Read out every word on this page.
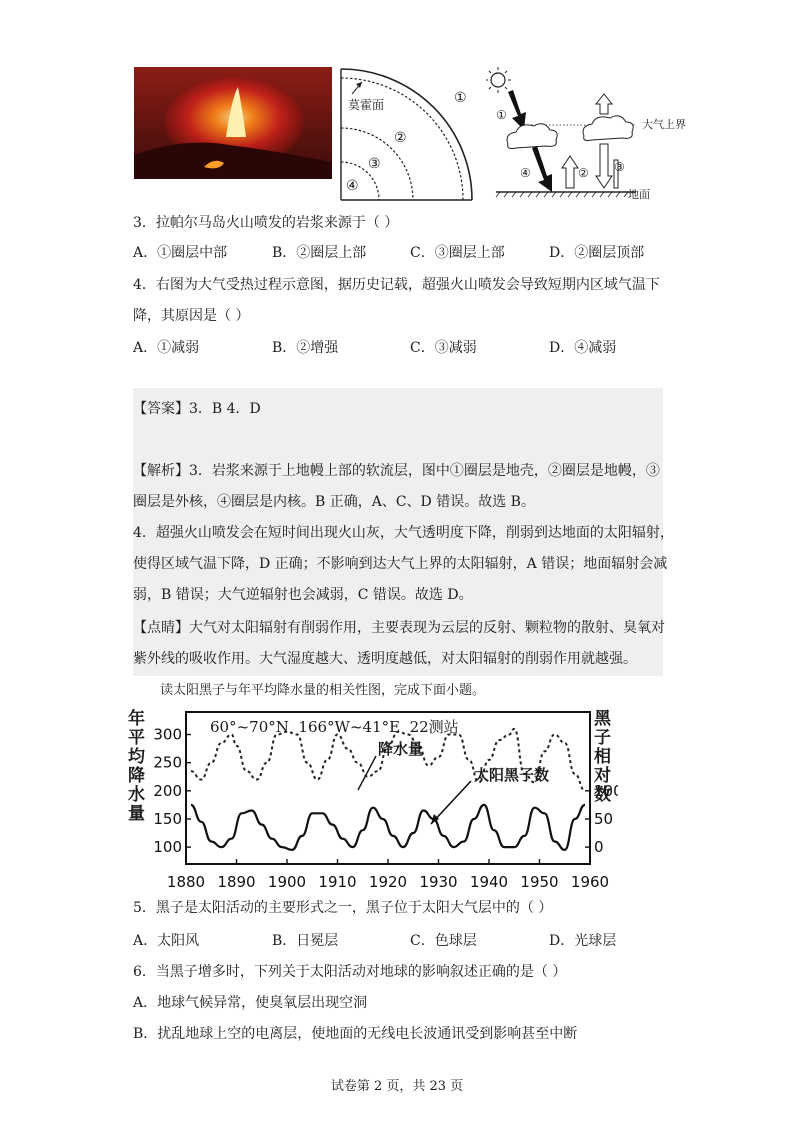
莫霍面	①
②
③
④
①
④	② ③
大气上界
地面
3．拉帕尔马岛火山喷发的岩浆来源于（ ）
A．①圈层中部	B．②圈层上部	C．③圈层上部	D．②圈层顶部
4．右图为大气受热过程示意图，据历史记载，超强火山喷发会导致短期内区域气温下
降，其原因是（ ）
A．①减弱	B．②增强	C．③减弱	D．④减弱
【答案】3．B 4．D
【解析】3．岩浆来源于上地幔上部的软流层，图中①圈层是地壳，②圈层是地幔，③
圈层是外核，④圈层是内核。B 正确，A、C、D 错误。故选 B。
4．超强火山喷发会在短时间出现火山灰，大气透明度下降，削弱到达地面的太阳辐射，
使得区域气温下降，D 正确；不影响到达大气上界的太阳辐射，A 错误；地面辐射会减
弱，B 错误；大气逆辐射也会减弱，C 错误。故选 D。
【点睛】大气对太阳辐射有削弱作用，主要表现为云层的反射、颗粒物的散射、臭氧对
紫外线的吸收作用。大气湿度越大、透明度越低，对太阳辐射的削弱作用就越强。
读太阳黑子与年平均降水量的相关性图，完成下面小题。
1880 1890 1900 1910 1920 1930 1940 1950 1960
100
150
200
250
300
0
50
100
年平均降水量
黑子相对数
60°~70°N  166°W~41°E  22测站
降水量
太阳黑子数
5．黑子是太阳活动的主要形式之一，黑子位于太阳大气层中的（ ）
A．太阳风	B．日冕层	C．色球层	D．光球层
6．当黑子增多时，下列关于太阳活动对地球的影响叙述正确的是（ ）
A．地球气候异常，使臭氧层出现空洞
B．扰乱地球上空的电离层，使地面的无线电长波通讯受到影响甚至中断
试卷第 2 页，共 23 页
